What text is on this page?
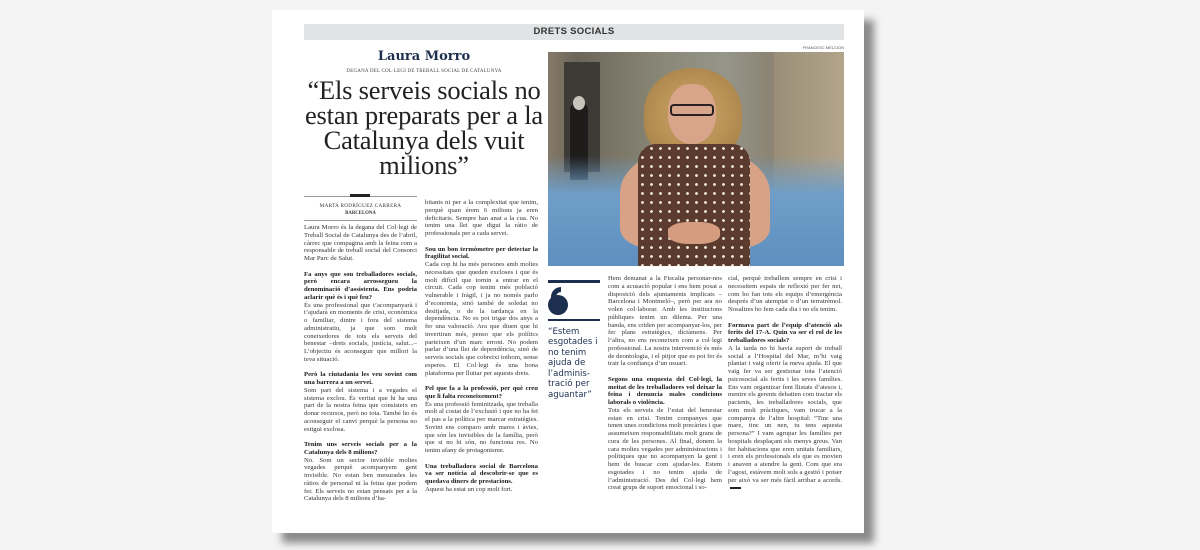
DRETS SOCIALS
Laura Morro
DEGANA DEL COL·LEGI DE TREBALL SOCIAL DE CATALUNYA
“Els serveis socials no estan preparats per a la Catalunya dels vuit milions”
FRANCESC MELCION
MARTA RODRÍGUEZ CARRERA
BARCELONA

Laura Morro és la degana del Col·legi de Treball Social de Catalunya des de l’abril, càrrec que compagina amb la feina com a responsable de treball social del Consorci Mar Parc de Salut.

Fa anys que sou treballadores socials, però encara arrossegueu la denominació d’assistenta. Ens podria aclarir què és i què feu?
És una professional que t’acompanyarà i t’ajudarà en moments de crisi, econòmica o familiar, dintre i fora del sistema administratiu, ja que som molt coneixedores de tots els serveis del benestar –drets socials, justícia, salut...– L’objectiu és aconseguir que millori la teva situació.

Però la ciutadania les veu sovint com una barrera a un servei.
Som part del sistema i a vegades el sistema exclou. És veritat que hi ha una part de la nostra feina que consisteix en donar recursos, però no tota. També ho és aconseguir el canvi perquè la persona no estigui exclosa.

Tenim uns serveis socials per a la Catalunya dels 8 milions?
No. Som un sector invisible moltes vegades perquè acompanyem gent invisible. No estan ben mesurades les ràtios de personal ni la feina que podem fer. Els serveis no estan pensats per a la Catalunya dels 8 milions d’ha-

bitants ni per a la complexitat que tenim, perquè quan érem 6 milions ja eren deficitaris. Sempre han anat a la cua. No tenim una llei que digui la ràtio de professionals per a cada servei.

Sou un bon termòmetre per detectar la fragilitat social.
Cada cop hi ha més persones amb moltes necessitats que queden excloses i que és molt difícil que tornin a entrar en el circuit. Cada cop tenim més població vulnerable i fràgil, i ja no només parlo d’economia, sinó també de soledat no desitjada, o de la tardança en la dependència. No es pot trigar dos anys a fer una valoració. Ara que diuen que hi invertiran més, penso que els polítics parteixen d’un marc erroni. No podem parlar d’una llei de dependència, sinó de serveis socials que cobreixi tothom, sense esperes. El Col·legi és una bona plataforma per lluitar per aquests drets.

Pel que fa a la professió, per què creu que li falta reconeixement?
És una professió feminitzada, que treballa molt al costat de l’exclusió i que no ha fet el pas a la política per marcar estratègies. Sovint ens comparo amb mares i àvies, que són les invisibles de la família, però que si no hi són, no funciona res. No tenim afany de protagonisme.

Una treballadora social de Barcelona va ser notícia al descobrir-se que es quedava diners de prestacions.
Aquest ha estat un cop molt fort.

“Estem esgotades i no tenim ajuda de l’adminis-tració per aguantar”

Hem demanat a la Fiscalia personar-nos com a acusació popular i ens hem posat a disposició dels ajuntaments implicats –Barcelona i Montmeló–, però per ara no volen col·laborar. Amb les institucions públiques tenim un dilema. Per una banda, ens criden per acompanyar-los, per fer plans estratègics, dictàmens. Per l’altra, no ens reconeixen com a col·legi professional. La nostra intervenció és més de deontologia, i el pitjor que es pot fer és trair la confiança d’un usuari.

Segons una enquesta del Col·legi, la meitat de les treballadores vol deixar la feina i denuncia males condicions laborals o violència.
Tots els serveis de l’estat del benestar estan en crisi. Tenim companyes que tenen unes condicions molt precàries i que assumeixen responsabilitats molt grans de cura de les persones. Al final, donem la cara moltes vegades per administracions i polítiques que no acompanyen la gent i hem de buscar com ajudar-les. Estem esgotades i no tenim ajuda de l’administració. Des del Col·legi hem creat grups de suport emocional i so-

cial, perquè treballem sempre en crisi i necessitem espais de reflexió per fer net, com ho fan tots els equips d’emergència després d’un atemptat o d’un terratrèmol. Nosaltres ho fem cada dia i no els tenim.

Formava part de l’equip d’atenció als ferits del 17-A. Quin va ser el rol de les treballadores socials?
A la tarda no hi havia suport de treball social a l’Hospital del Mar, m’hi vaig plantar i vaig oferir la meva ajuda. El que vaig fer va ser gestionar tota l’atenció psicosocial als ferits i les seves famílies. Ens vam organitzar fent llistats d’atesos i, mentre els gerents debatien com tractar els pacients, les treballadores socials, que som molt pràctiques, vam trucar a la companya de l’altre hospital: “Tinc una mare, tinc un nen, tu tens aquesta persona?” I vam agrupar les famílies per hospitals desplaçant els menys greus. Van fer habitacions que eren unitats familiars, i eren els professionals els que es movien i anaven a atendre la gent. Com que era l’agost, estàvem molt sols a gestió i potser per això va ser més fàcil arribar a acords.
